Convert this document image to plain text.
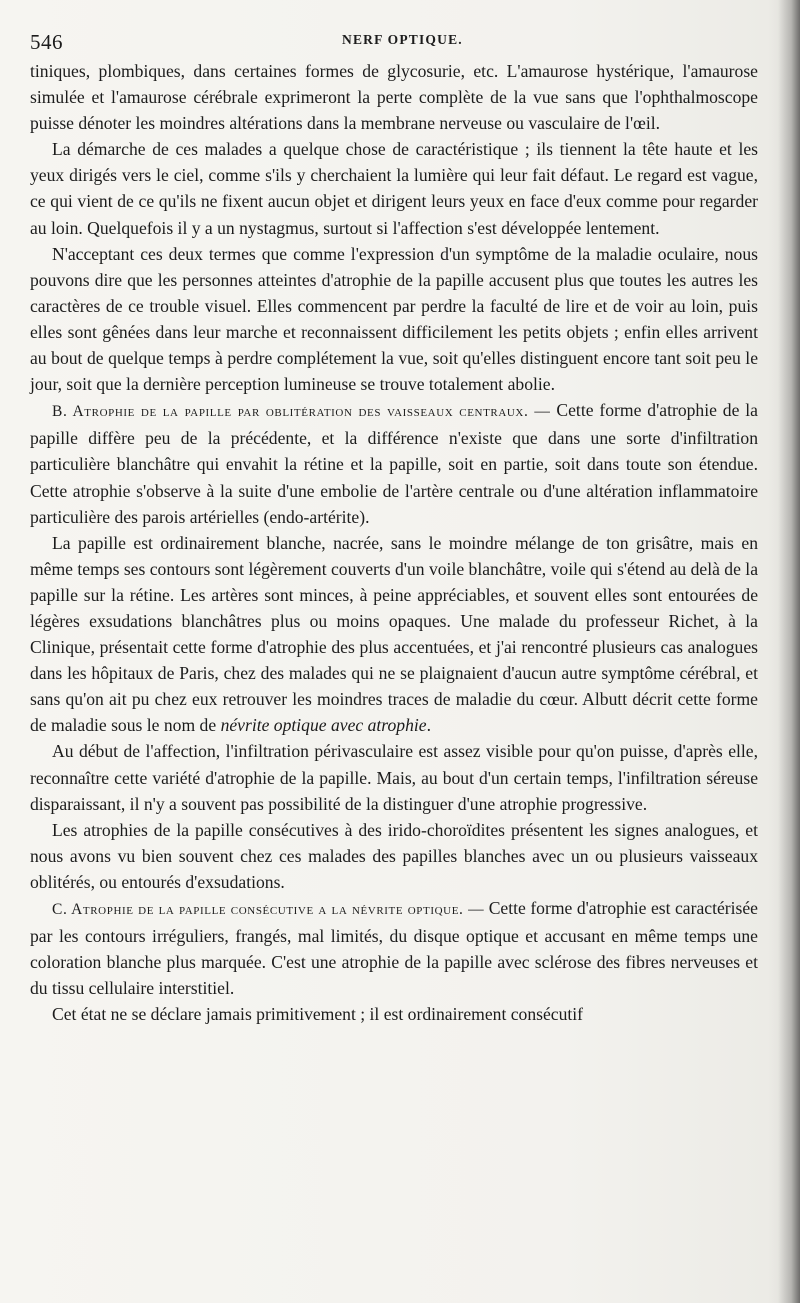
546	NERF OPTIQUE.

tiniques, plombiques, dans certaines formes de glycosurie, etc. L'amaurose hystérique, l'amaurose simulée et l'amaurose cérébrale exprimeront la perte complète de la vue sans que l'ophthalmoscope puisse dénoter les moindres altérations dans la membrane nerveuse ou vasculaire de l'œil.

La démarche de ces malades a quelque chose de caractéristique ; ils tiennent la tête haute et les yeux dirigés vers le ciel, comme s'ils y cherchaient la lumière qui leur fait défaut. Le regard est vague, ce qui vient de ce qu'ils ne fixent aucun objet et dirigent leurs yeux en face d'eux comme pour regarder au loin. Quelquefois il y a un nystagmus, surtout si l'affection s'est développée lentement.

N'acceptant ces deux termes que comme l'expression d'un symptôme de la maladie oculaire, nous pouvons dire que les personnes atteintes d'atrophie de la papille accusent plus que toutes les autres les caractères de ce trouble visuel. Elles commencent par perdre la faculté de lire et de voir au loin, puis elles sont gênées dans leur marche et reconnaissent difficilement les petits objets ; enfin elles arrivent au bout de quelque temps à perdre complétement la vue, soit qu'elles distinguent encore tant soit peu le jour, soit que la dernière perception lumineuse se trouve totalement abolie.

B. Atrophie de la papille par oblitération des vaisseaux centraux. — Cette forme d'atrophie de la papille diffère peu de la précédente, et la différence n'existe que dans une sorte d'infiltration particulière blanchâtre qui envahit la rétine et la papille, soit en partie, soit dans toute son étendue. Cette atrophie s'observe à la suite d'une embolie de l'artère centrale ou d'une altération inflammatoire particulière des parois artérielles (endo-artérite).

La papille est ordinairement blanche, nacrée, sans le moindre mélange de ton grisâtre, mais en même temps ses contours sont légèrement couverts d'un voile blanchâtre, voile qui s'étend au delà de la papille sur la rétine. Les artères sont minces, à peine appréciables, et souvent elles sont entourées de légères exsudations blanchâtres plus ou moins opaques. Une malade du professeur Richet, à la Clinique, présentait cette forme d'atrophie des plus accentuées, et j'ai rencontré plusieurs cas analogues dans les hôpitaux de Paris, chez des malades qui ne se plaignaient d'aucun autre symptôme cérébral, et sans qu'on ait pu chez eux retrouver les moindres traces de maladie du cœur. Albutt décrit cette forme de maladie sous le nom de névrite optique avec atrophie.

Au début de l'affection, l'infiltration périvasculaire est assez visible pour qu'on puisse, d'après elle, reconnaître cette variété d'atrophie de la papille. Mais, au bout d'un certain temps, l'infiltration séreuse disparaissant, il n'y a souvent pas possibilité de la distinguer d'une atrophie progressive.

Les atrophies de la papille consécutives à des irido-choroïdites présentent les signes analogues, et nous avons vu bien souvent chez ces malades des papilles blanches avec un ou plusieurs vaisseaux oblitérés, ou entourés d'exsudations.

C. Atrophie de la papille consécutive a la névrite optique. — Cette forme d'atrophie est caractérisée par les contours irréguliers, frangés, mal limités, du disque optique et accusant en même temps une coloration blanche plus marquée. C'est une atrophie de la papille avec sclérose des fibres nerveuses et du tissu cellulaire interstitiel.

Cet état ne se déclare jamais primitivement ; il est ordinairement consécutif
